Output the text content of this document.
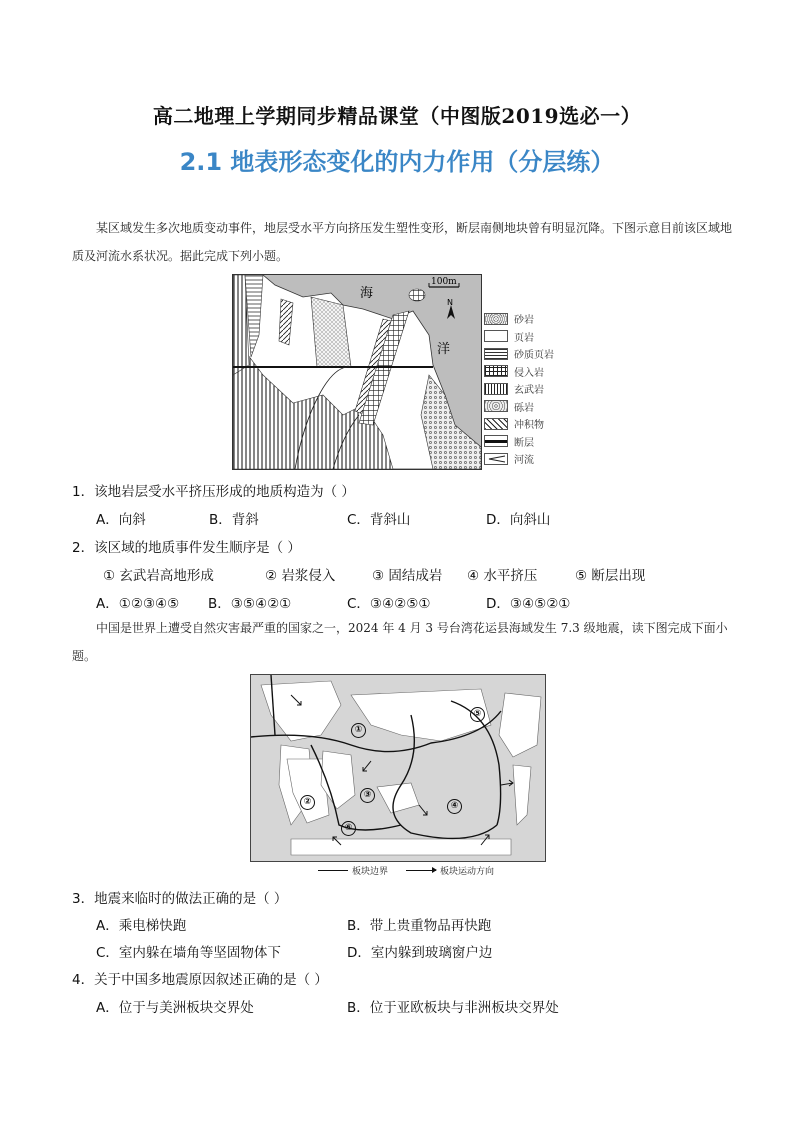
高二地理上学期同步精品课堂（中图版2019选必一）
2.1 地表形态变化的内力作用（分层练）
某区域发生多次地质变动事件，地层受水平方向挤压发生塑性变形，断层南侧地块曾有明显沉降。下图示意目前该区域地质及河流水系状况。据此完成下列小题。
海
洋
100m
N
砂岩
页岩
砂质页岩
侵入岩
玄武岩
砾岩
冲积物
断层
河流
1．该地岩层受水平挤压形成的地质构造为（ ）
A．向斜	B．背斜	C．背斜山	D．向斜山
2．该区域的地质事件发生顺序是（ ）
① 玄武岩高地形成	② 岩浆侵入	③ 固结成岩 ④ 水平挤压	⑤ 断层出现
A．①②③④⑤ B．③⑤④②①	C．③④②⑤①	D．③④⑤②①
中国是世界上遭受自然灾害最严重的国家之一，2024 年 4 月 3 号台湾花运县海域发生 7.3 级地震，读下图完成下面小题。
①
②
③
④
⑤
⑥
板块边界	板块运动方向
3．地震来临时的做法正确的是（ ）
A．乘电梯快跑	B．带上贵重物品再快跑
C．室内躲在墙角等坚固物体下	D．室内躲到玻璃窗户边
4．关于中国多地震原因叙述正确的是（ ）
A．位于与美洲板块交界处	B．位于亚欧板块与非洲板块交界处
